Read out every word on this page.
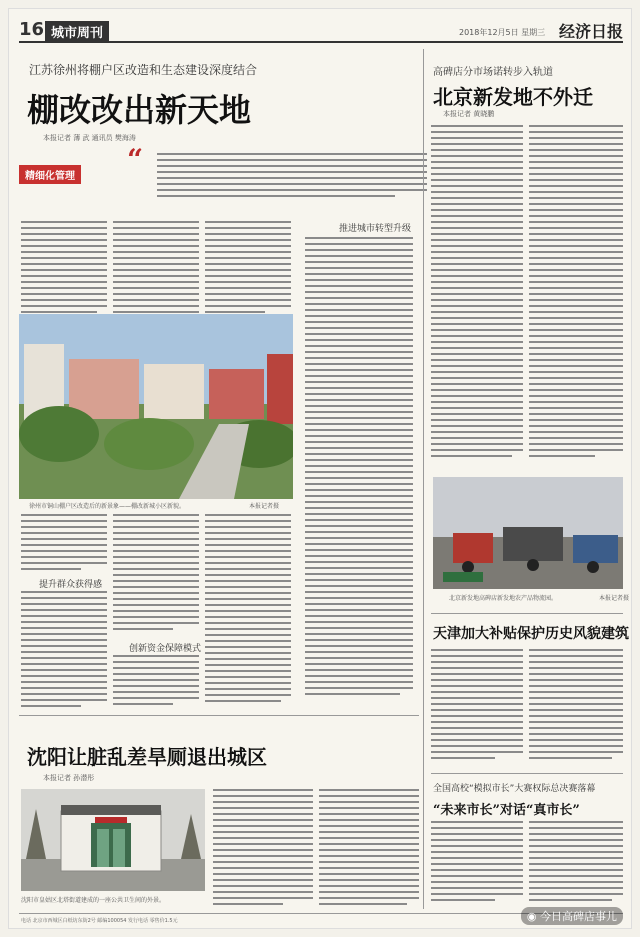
16 城市周刊	2018年12月5日 星期三 经济日报
江苏徐州将棚户区改造和生态建设深度结合
棚改改出新天地
本报记者 薄 武 通讯员 樊海涛
精细化管理
“
推进城市转型升级
徐州市铜山棚户区改造后的新景象——棚改新城小区新貌。	本报记者摄
提升群众获得感
创新资金保障模式
高碑店分市场诺转步入轨道
北京新发地不外迁
本报记者 黄晓鹏
北京新发地高碑店新发地农产品物流园。	本报记者摄
天津加大补贴保护历史风貌建筑
全国高校“模拟市长”大赛权际总决赛落幕
“未来市长”对话“真市长”
沈阳让脏乱差旱厕退出城区
本报记者 孙潜彤
沈阳市皇姑区北塔街道建成的一座公共卫生间的外景。
电话 北京市西城区白纸坊东街2号 邮编100054 发行电话 零售价1.5元	◉ 今日高碑店事儿
